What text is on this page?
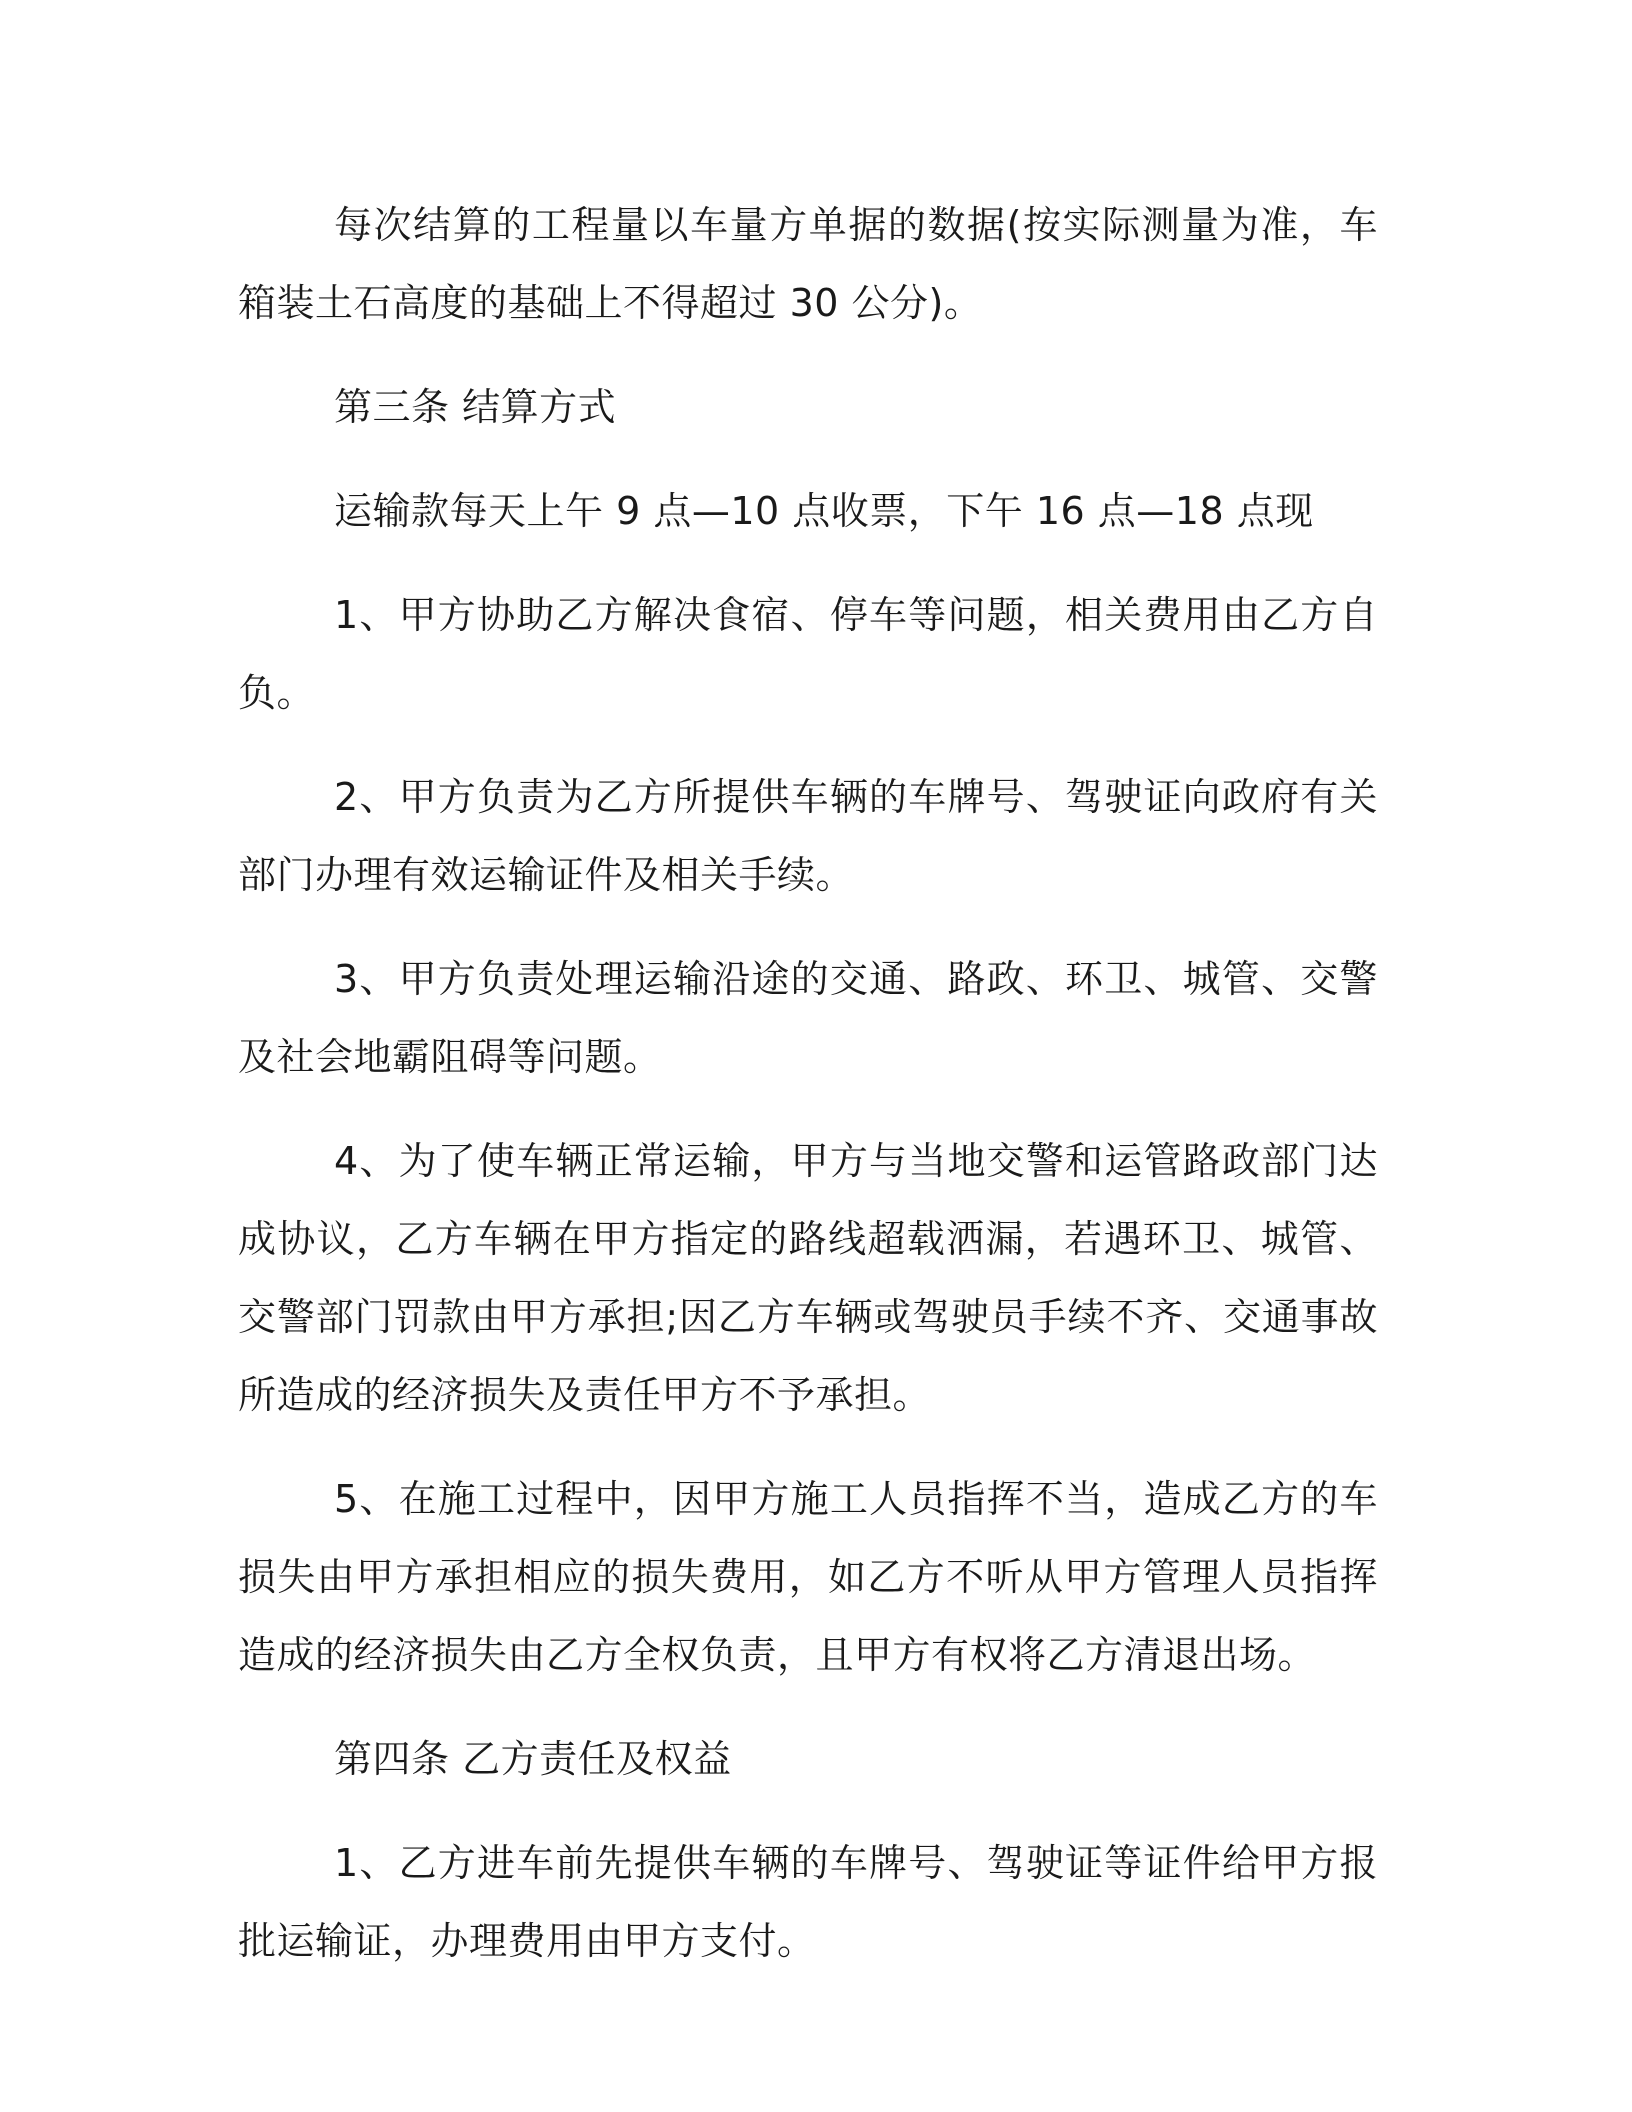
每次结算的工程量以车量方单据的数据(按实际测量为准，车箱装土石高度的基础上不得超过 30 公分)。

第三条 结算方式

运输款每天上午 9 点—10 点收票，下午 16 点—18 点现

1、甲方协助乙方解决食宿、停车等问题，相关费用由乙方自负。

2、甲方负责为乙方所提供车辆的车牌号、驾驶证向政府有关部门办理有效运输证件及相关手续。

3、甲方负责处理运输沿途的交通、路政、环卫、城管、交警及社会地霸阻碍等问题。

4、为了使车辆正常运输，甲方与当地交警和运管路政部门达成协议，乙方车辆在甲方指定的路线超载洒漏，若遇环卫、城管、交警部门罚款由甲方承担;因乙方车辆或驾驶员手续不齐、交通事故所造成的经济损失及责任甲方不予承担。

5、在施工过程中，因甲方施工人员指挥不当，造成乙方的车损失由甲方承担相应的损失费用，如乙方不听从甲方管理人员指挥造成的经济损失由乙方全权负责，且甲方有权将乙方清退出场。

第四条 乙方责任及权益

1、乙方进车前先提供车辆的车牌号、驾驶证等证件给甲方报批运输证，办理费用由甲方支付。
